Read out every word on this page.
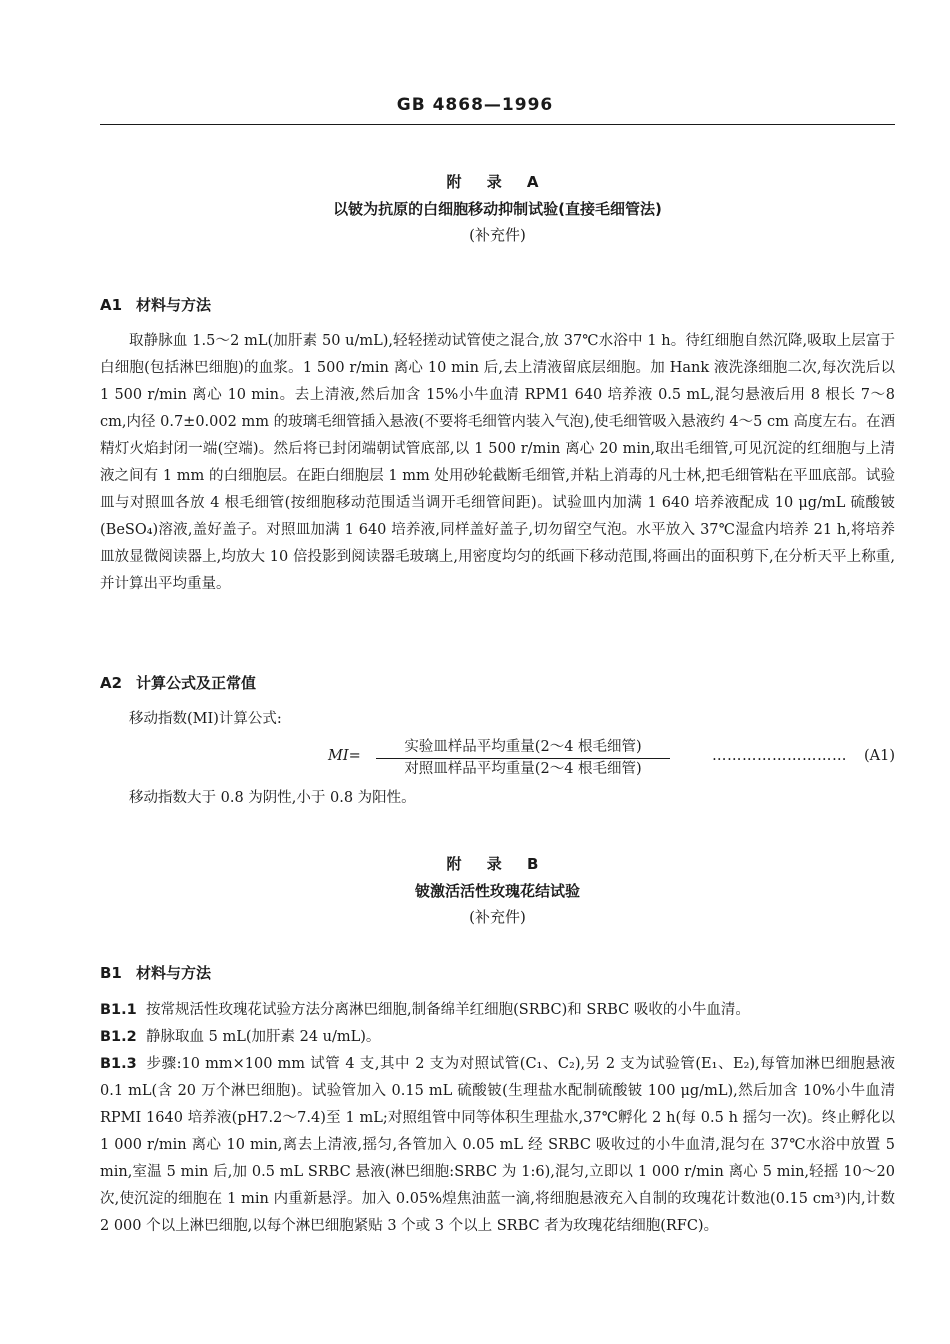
GB 4868—1996
附 录 A
以铍为抗原的白细胞移动抑制试验(直接毛细管法)
(补充件)
A1 材料与方法
取静脉血 1.5～2 mL(加肝素 50 u/mL),轻轻搓动试管使之混合,放 37℃水浴中 1 h。待红细胞自然沉降,吸取上层富于白细胞(包括淋巴细胞)的血浆。1 500 r/min 离心 10 min 后,去上清液留底层细胞。加 Hank 液洗涤细胞二次,每次洗后以 1 500 r/min 离心 10 min。去上清液,然后加含 15%小牛血清 RPM1 640 培养液 0.5 mL,混匀悬液后用 8 根长 7～8 cm,内径 0.7±0.002 mm 的玻璃毛细管插入悬液(不要将毛细管内装入气泡),使毛细管吸入悬液约 4～5 cm 高度左右。在酒精灯火焰封闭一端(空端)。然后将已封闭端朝试管底部,以 1 500 r/min 离心 20 min,取出毛细管,可见沉淀的红细胞与上清液之间有 1 mm 的白细胞层。在距白细胞层 1 mm 处用砂轮截断毛细管,并粘上消毒的凡士林,把毛细管粘在平皿底部。试验皿与对照皿各放 4 根毛细管(按细胞移动范围适当调开毛细管间距)。试验皿内加满 1 640 培养液配成 10 μg/mL 硫酸铍(BeSO₄)溶液,盖好盖子。对照皿加满 1 640 培养液,同样盖好盖子,切勿留空气泡。水平放入 37℃湿盒内培养 21 h,将培养皿放显微阅读器上,均放大 10 倍投影到阅读器毛玻璃上,用密度均匀的纸画下移动范围,将画出的面积剪下,在分析天平上称重,并计算出平均重量。
A2 计算公式及正常值
移动指数(MI)计算公式:
MI=
实验皿样品平均重量(2～4 根毛细管)
对照皿样品平均重量(2～4 根毛细管)
……………………… (A1)
移动指数大于 0.8 为阴性,小于 0.8 为阳性。
附 录 B
铍激活活性玫瑰花结试验
(补充件)
B1 材料与方法
B1.1 按常规活性玫瑰花试验方法分离淋巴细胞,制备绵羊红细胞(SRBC)和 SRBC 吸收的小牛血清。
B1.2 静脉取血 5 mL(加肝素 24 u/mL)。
B1.3 步骤:10 mm×100 mm 试管 4 支,其中 2 支为对照试管(C₁、C₂),另 2 支为试验管(E₁、E₂),每管加淋巴细胞悬液 0.1 mL(含 20 万个淋巴细胞)。试验管加入 0.15 mL 硫酸铍(生理盐水配制硫酸铍 100 μg/mL),然后加含 10%小牛血清 RPMI 1640 培养液(pH7.2～7.4)至 1 mL;对照组管中同等体积生理盐水,37℃孵化 2 h(每 0.5 h 摇匀一次)。终止孵化以 1 000 r/min 离心 10 min,离去上清液,摇匀,各管加入 0.05 mL 经 SRBC 吸收过的小牛血清,混匀在 37℃水浴中放置 5 min,室温 5 min 后,加 0.5 mL SRBC 悬液(淋巴细胞:SRBC 为 1:6),混匀,立即以 1 000 r/min 离心 5 min,轻摇 10～20 次,使沉淀的细胞在 1 min 内重新悬浮。加入 0.05%煌焦油蓝一滴,将细胞悬液充入自制的玫瑰花计数池(0.15 cm³)内,计数 2 000 个以上淋巴细胞,以每个淋巴细胞紧贴 3 个或 3 个以上 SRBC 者为玫瑰花结细胞(RFC)。
